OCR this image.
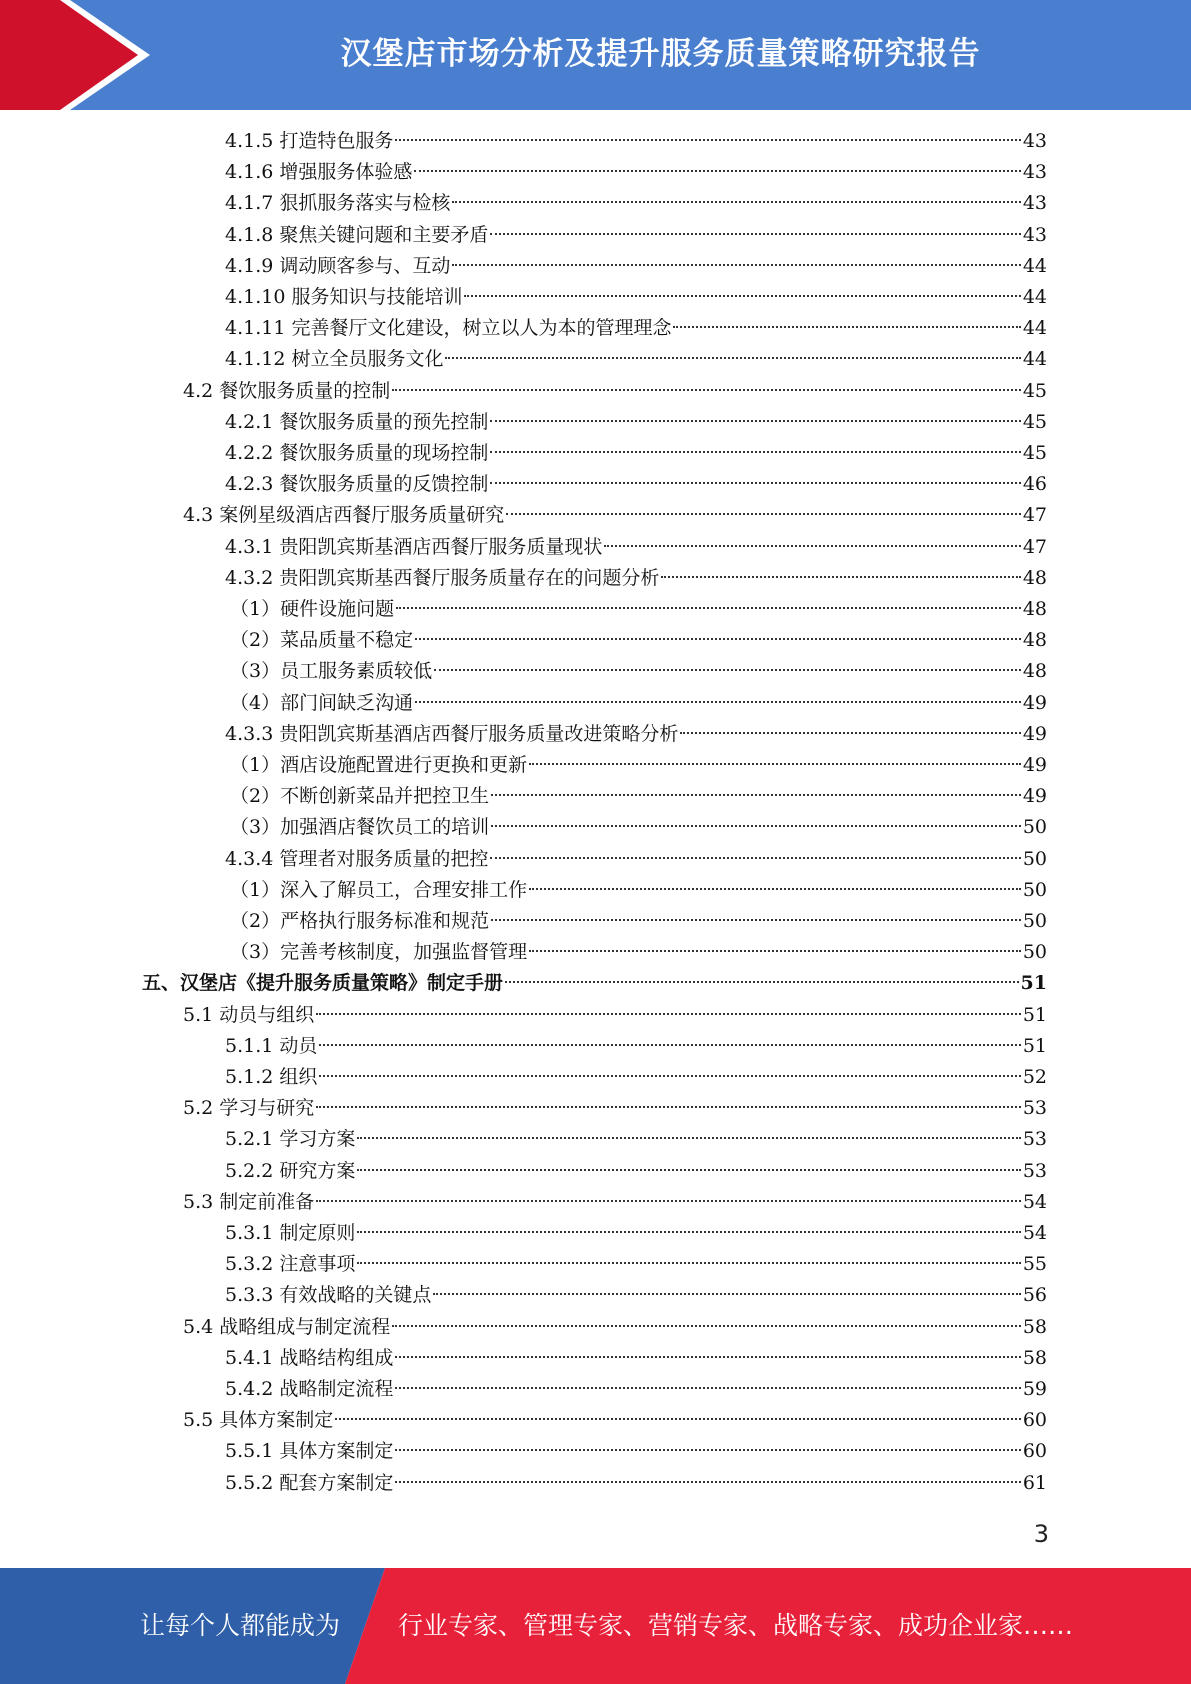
汉堡店市场分析及提升服务质量策略研究报告
4.1.5 打造特色服务	43
4.1.6 增强服务体验感	43
4.1.7 狠抓服务落实与检核	43
4.1.8 聚焦关键问题和主要矛盾	43
4.1.9 调动顾客参与、互动	44
4.1.10 服务知识与技能培训	44
4.1.11 完善餐厅文化建设，树立以人为本的管理理念	44
4.1.12 树立全员服务文化	44
4.2 餐饮服务质量的控制	45
4.2.1 餐饮服务质量的预先控制	45
4.2.2 餐饮服务质量的现场控制	45
4.2.3 餐饮服务质量的反馈控制	46
4.3 案例星级酒店西餐厅服务质量研究	47
4.3.1 贵阳凯宾斯基酒店西餐厅服务质量现状	47
4.3.2 贵阳凯宾斯基西餐厅服务质量存在的问题分析	48
（1）硬件设施问题	48
（2）菜品质量不稳定	48
（3）员工服务素质较低	48
（4）部门间缺乏沟通	49
4.3.3 贵阳凯宾斯基酒店西餐厅服务质量改进策略分析	49
（1）酒店设施配置进行更换和更新	49
（2）不断创新菜品并把控卫生	49
（3）加强酒店餐饮员工的培训	50
4.3.4 管理者对服务质量的把控	50
（1）深入了解员工，合理安排工作	50
（2）严格执行服务标准和规范	50
（3）完善考核制度，加强监督管理	50
五、汉堡店《提升服务质量策略》制定手册	51
5.1 动员与组织	51
5.1.1 动员	51
5.1.2 组织	52
5.2 学习与研究	53
5.2.1 学习方案	53
5.2.2 研究方案	53
5.3 制定前准备	54
5.3.1 制定原则	54
5.3.2 注意事项	55
5.3.3 有效战略的关键点	56
5.4 战略组成与制定流程	58
5.4.1 战略结构组成	58
5.4.2 战略制定流程	59
5.5 具体方案制定	60
5.5.1 具体方案制定	60
5.5.2 配套方案制定	61
3
让每个人都能成为 行业专家、管理专家、营销专家、战略专家、成功企业家……
